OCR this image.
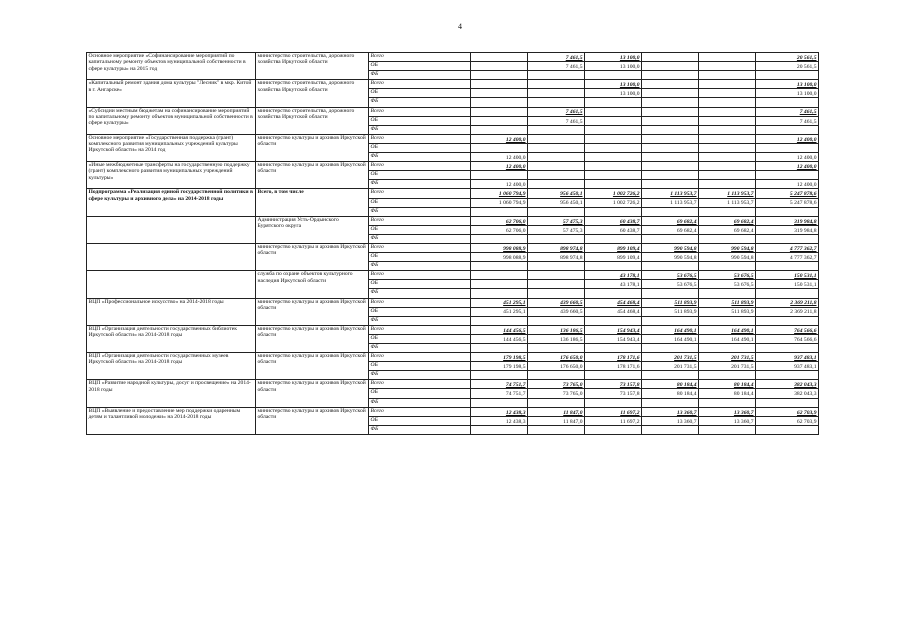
4
Основное мероприятие «Софинансирование мероприятий по капитальному ремонту объектов муниципальной собственности в сфере культуры» на 2015 год	министерство строительства, дорожного хозяйства Иркутской области	Всего		7 461,5	13 100,0			20 561,5
		ОБ		7 461,5	13 100,0			20 561,5
		ФБ						
«Капитальный ремонт здания дома культуры "Лесник" в мкр. Китой в г. Ангарске»	министерство строительства, дорожного хозяйства Иркутской области	Всего			13 100,0			13 100,0
		ОБ			13 100,0			13 100,0
		ФБ						
«Субсидии местным бюджетам на софинансирование мероприятий по капитальному ремонту объектов муниципальной собственности в сфере культуры»	министерство строительства, дорожного хозяйства Иркутской области	Всего		7 461,5				7 461,5
		ОБ		7 461,5				7 461,5
		ФБ						
Основное мероприятие «Государственная поддержка (грант) комплексного развития муниципальных учреждений культуры Иркутской области» на 2014 год	министерство культуры и архивов Иркутской области	Всего	12 400,0					12 400,0
		ОБ						
		ФБ	12 400,0					12 400,0
«Иные межбюджетные трансферты на государственную поддержку (грант) комплексного развития муниципальных учреждений культуры»	министерство культуры и архивов Иркутской области	Всего	12 400,0					12 400,0
		ОБ						
		ФБ	12 400,0					12 400,0
Подпрограмма «Реализация единой государственной политики в сфере культуры и архивного дела» на 2014-2018 годы	Всего, в том числе	Всего	1 060 794,9	956 450,1	1 002 726,2	1 113 953,7	1 113 953,7	5 247 878,6
		ОБ	1 060 794,9	956 450,1	1 002 726,2	1 113 953,7	1 113 953,7	5 247 878,6
		ФБ						
	Администрация Усть-Ордынского Бурятского округа	Всего	62 706,0	57 475,3	60 438,7	69 682,4	69 682,4	319 984,8
		ОБ	62 706,0	57 475,3	60 438,7	69 682,4	69 682,4	319 984,8
		ФБ						
	министерство культуры и архивов Иркутской области	Всего	998 088,9	898 974,8	899 109,4	990 594,8	990 594,8	4 777 362,7
		ОБ	998 088,9	898 974,8	899 109,4	990 594,8	990 594,8	4 777 362,7
		ФБ						
	служба по охране объектов культурного наследия Иркутской области	Всего			43 178,1	53 676,5	53 676,5	150 531,1
		ОБ			43 178,1	53 676,5	53 676,5	150 531,1
		ФБ						
ВЦП «Профессиональное искусство» на 2014-2018 годы	министерство культуры и архивов Иркутской области	Всего	451 295,1	439 660,5	454 468,4	511 893,9	511 893,9	2 369 211,8
		ОБ	451 295,1	439 660,5	454 468,4	511 893,9	511 893,9	2 369 211,8
		ФБ						
ВЦП «Организация деятельности государственных библиотек Иркутской области» на 2014-2018 годы	министерство культуры и архивов Иркутской области	Всего	144 456,5	136 186,5	154 943,4	164 490,1	164 490,1	764 566,6
		ОБ	144 456,5	136 186,5	154 943,4	164 490,1	164 490,1	764 566,6
		ФБ						
ВЦП «Организация деятельности государственных музеев Иркутской области» на 2014-2018 годы	министерство культуры и архивов Иркутской области	Всего	179 198,5	176 650,0	178 171,6	201 731,5	201 731,5	937 483,1
		ОБ	179 198,5	176 650,0	178 171,6	201 731,5	201 731,5	937 483,1
		ФБ						
ВЦП «Развитие народной культуры, досуг и просвещение» на 2014-2018 годы	министерство культуры и архивов Иркутской области	Всего	74 751,7	73 765,0	73 157,8	80 184,4	80 184,4	382 043,3
		ОБ	74 751,7	73 765,0	73 157,8	80 184,4	80 184,4	382 043,3
		ФБ						
ВЦП «Выявление и предоставление мер поддержки одаренным детям и талантливой молодежи» на 2014-2018 годы	министерство культуры и архивов Иркутской области	Всего	12 438,3	11 847,0	11 697,2	13 360,7	13 360,7	62 703,9
		ОБ	12 438,3	11 847,0	11 697,2	13 360,7	13 360,7	62 703,9
		ФБ						
